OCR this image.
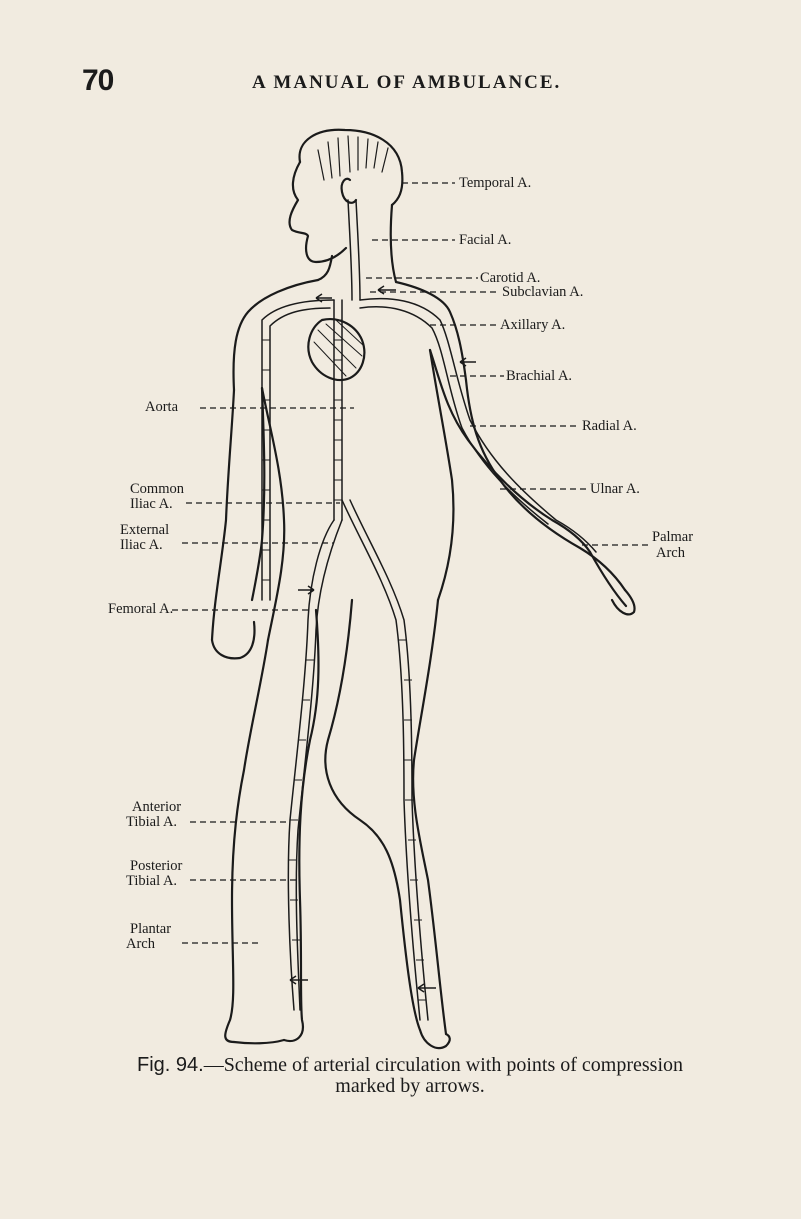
70	A MANUAL OF AMBULANCE.
Temporal A.
Facial A.
Carotid A.
Subclavian A.
Axillary A.
Brachial A.
Radial A.
Ulnar A.
Palmar
Arch
Aorta
Common
Iliac A.
External
Iliac A.
Femoral A.
Anterior
Tibial A.
Posterior
Tibial A.
Plantar
Arch
Fig. 94.—Scheme of arterial circulation with points of compression
marked by arrows.
